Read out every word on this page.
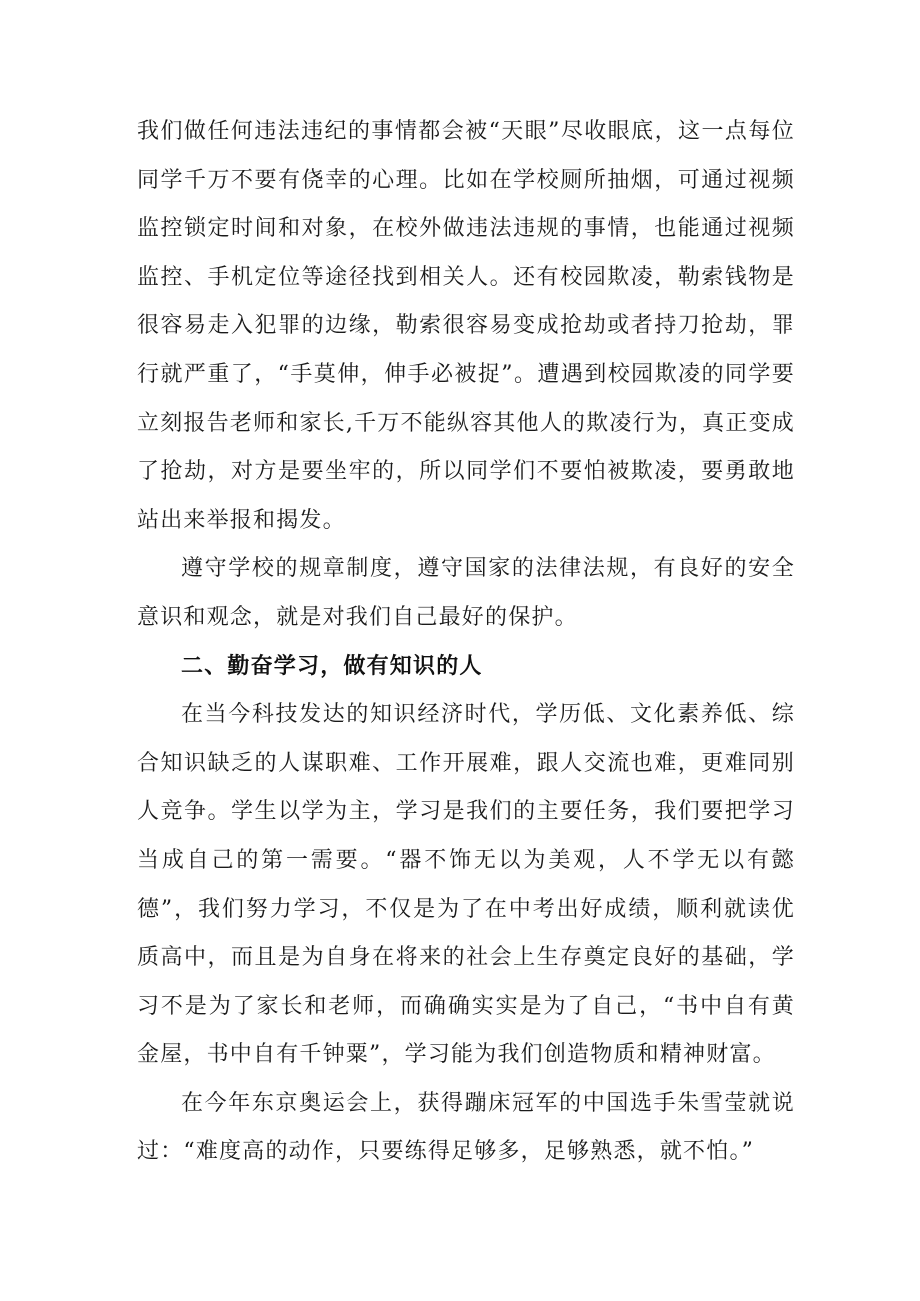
我们做任何违法违纪的事情都会被“天眼”尽收眼底，这一点每位同学千万不要有侥幸的心理。比如在学校厕所抽烟，可通过视频监控锁定时间和对象，在校外做违法违规的事情，也能通过视频监控、手机定位等途径找到相关人。还有校园欺凌，勒索钱物是很容易走入犯罪的边缘，勒索很容易变成抢劫或者持刀抢劫，罪行就严重了，“手莫伸，伸手必被捉”。遭遇到校园欺凌的同学要立刻报告老师和家长,千万不能纵容其他人的欺凌行为，真正变成了抢劫，对方是要坐牢的，所以同学们不要怕被欺凌，要勇敢地站出来举报和揭发。

遵守学校的规章制度，遵守国家的法律法规，有良好的安全意识和观念，就是对我们自己最好的保护。

二、勤奋学习，做有知识的人

在当今科技发达的知识经济时代，学历低、文化素养低、综合知识缺乏的人谋职难、工作开展难，跟人交流也难，更难同别人竞争。学生以学为主，学习是我们的主要任务，我们要把学习当成自己的第一需要。“器不饰无以为美观，人不学无以有懿德”，我们努力学习，不仅是为了在中考出好成绩，顺利就读优质高中，而且是为自身在将来的社会上生存奠定良好的基础，学习不是为了家长和老师，而确确实实是为了自己，“书中自有黄金屋，书中自有千钟粟”，学习能为我们创造物质和精神财富。

在今年东京奥运会上，获得蹦床冠军的中国选手朱雪莹就说过：“难度高的动作，只要练得足够多，足够熟悉，就不怕。”
